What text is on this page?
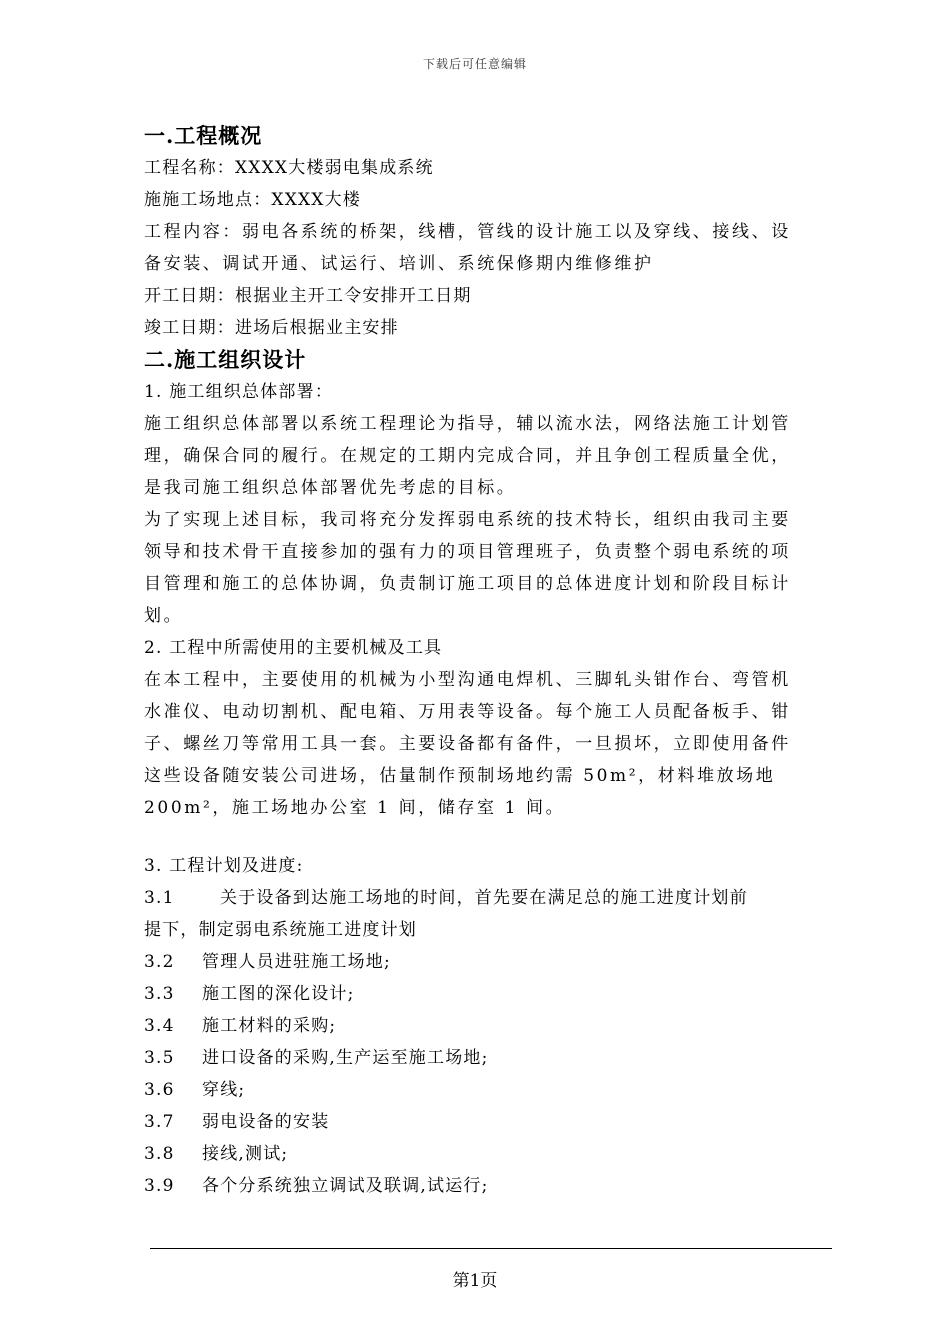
下载后可任意编辑
一.工程概况
工程名称：XXXX大楼弱电集成系统
施施工场地点：XXXX大楼
工程内容：弱电各系统的桥架，线槽，管线的设计施工以及穿线、接线、设
备安装、调试开通、试运行、培训、系统保修期内维修维护
开工日期：根据业主开工令安排开工日期
竣工日期：进场后根据业主安排
二.施工组织设计
1. 施工组织总体部署：
施工组织总体部署以系统工程理论为指导，辅以流水法，网络法施工计划管
理，确保合同的履行。在规定的工期内完成合同，并且争创工程质量全优，
是我司施工组织总体部署优先考虑的目标。
为了实现上述目标，我司将充分发挥弱电系统的技术特长，组织由我司主要
领导和技术骨干直接参加的强有力的项目管理班子，负责整个弱电系统的项
目管理和施工的总体协调，负责制订施工项目的总体进度计划和阶段目标计
划。
2. 工程中所需使用的主要机械及工具
在本工程中，主要使用的机械为小型沟通电焊机、三脚轧头钳作台、弯管机
水准仪、电动切割机、配电箱、万用表等设备。每个施工人员配备板手、钳
子、螺丝刀等常用工具一套。主要设备都有备件，一旦损坏，立即使用备件
这些设备随安装公司进场，估量制作预制场地约需 50m²，材料堆放场地
200m²，施工场地办公室 1 间，储存室 1 间。
3. 工程计划及进度:
3.1	关于设备到达施工场地的时间，首先要在满足总的施工进度计划前
提下，制定弱电系统施工进度计划
3.2 管理人员进驻施工场地;
3.3 施工图的深化设计;
3.4 施工材料的采购;
3.5 进口设备的采购,生产运至施工场地;
3.6 穿线;
3.7 弱电设备的安装
3.8 接线,测试;
3.9 各个分系统独立调试及联调,试运行;
第1页
